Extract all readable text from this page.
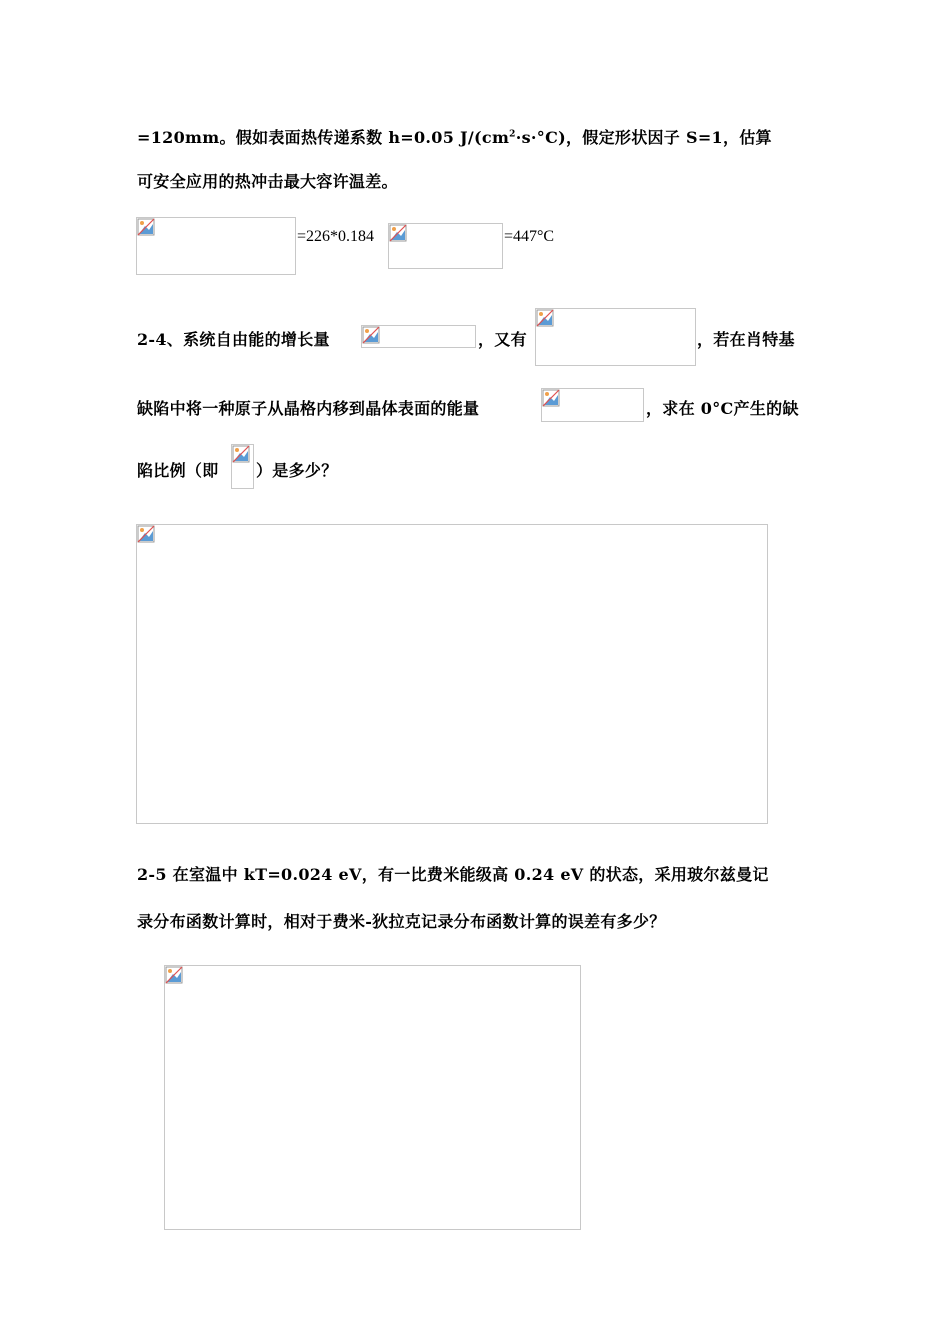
=120mm。假如表面热传递系数 h=0.05 $J/(cm^2\cdot s\cdot^\circ C)$，假定形状因子 S=1，估算
可安全应用的热冲击最大容许温差。
=226*0.184	=447°C
2-4、系统自由能的增长量	，又有	，若在肖特基
缺陷中将一种原子从晶格内移到晶体表面的能量	，求在 0°C产生的缺
陷比例（即	）是多少？
2-5 在室温中 kT=0.024 eV，有一比费米能级高 0.24 eV 的状态，采用玻尔兹曼记
录分布函数计算时，相对于费米-狄拉克记录分布函数计算的误差有多少？
